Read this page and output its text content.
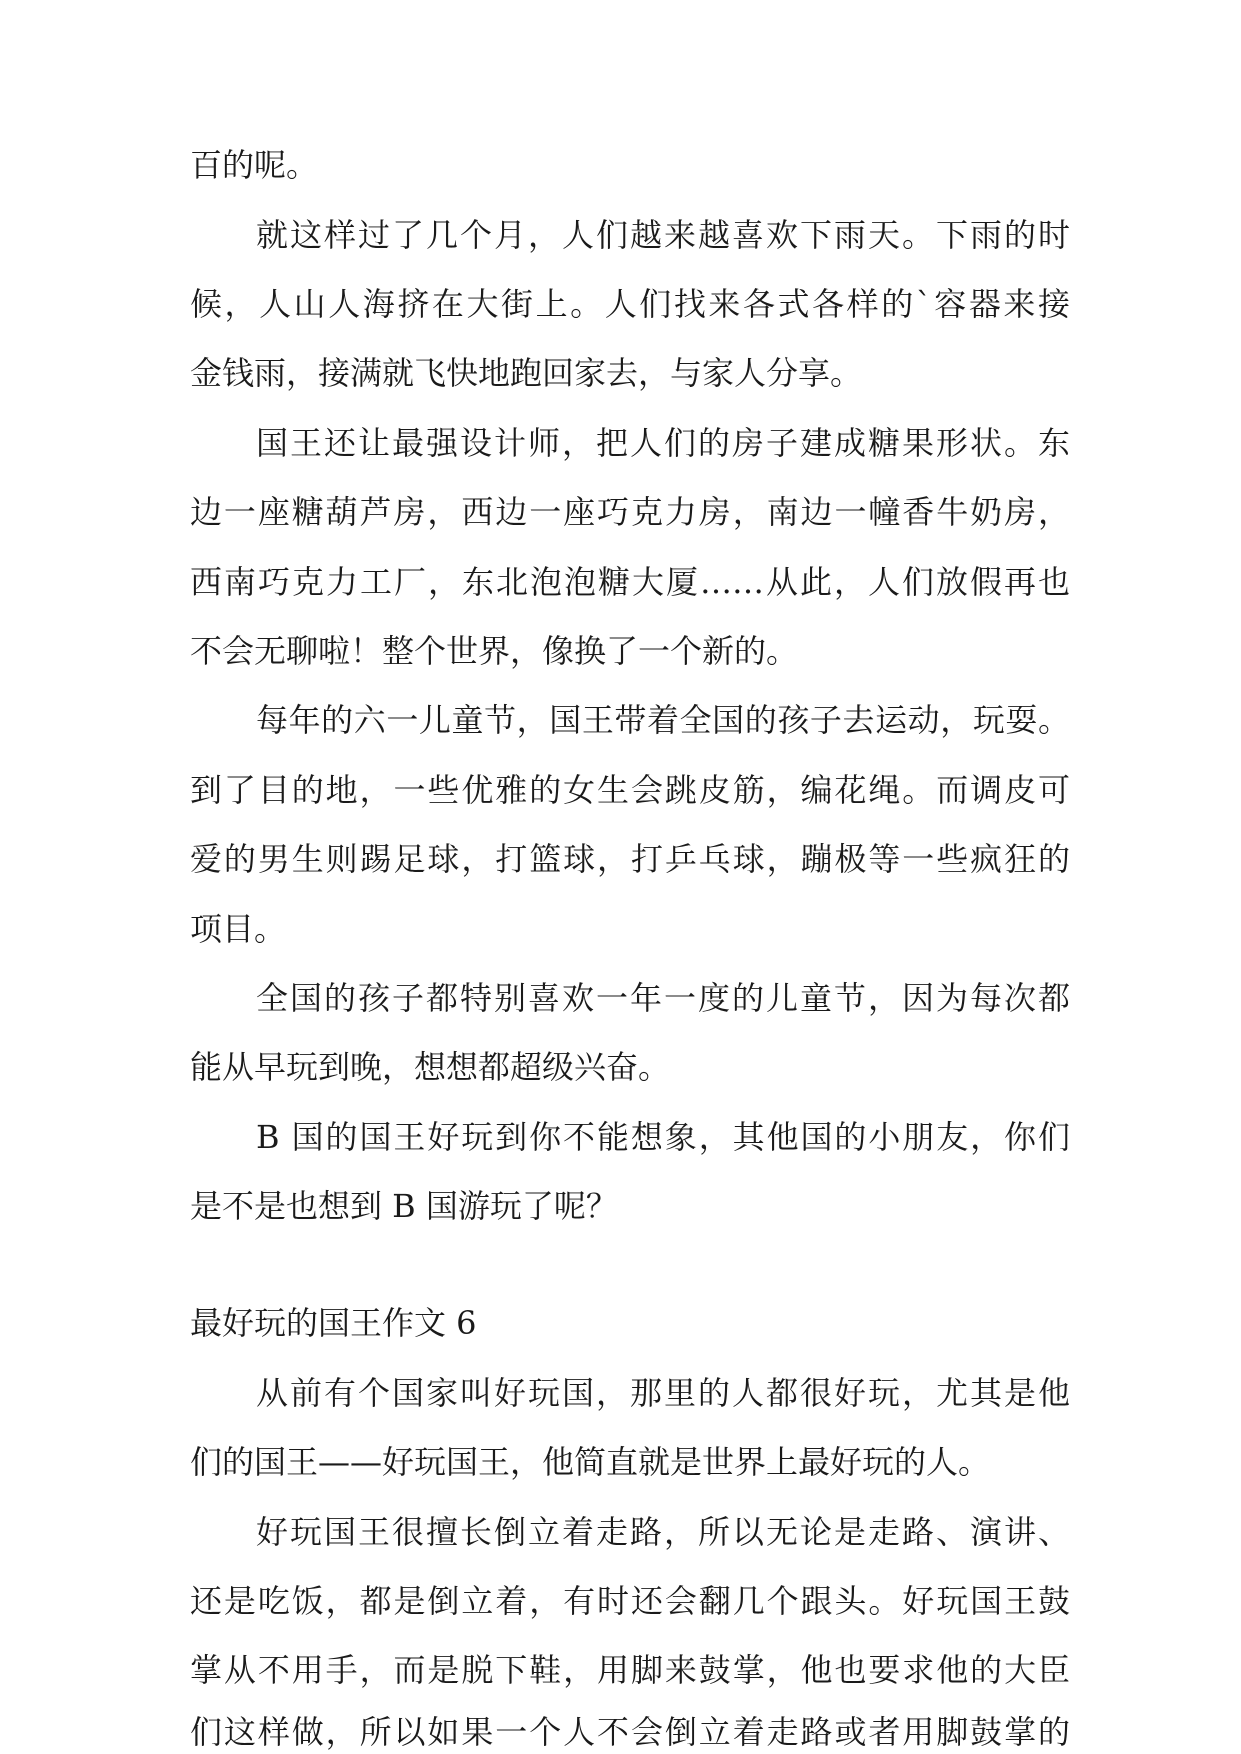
百的呢。
就这样过了几个月，人们越来越喜欢下雨天。下雨的时
候，人山人海挤在大街上。人们找来各式各样的`容器来接
金钱雨，接满就飞快地跑回家去，与家人分享。
国王还让最强设计师，把人们的房子建成糖果形状。东
边一座糖葫芦房，西边一座巧克力房，南边一幢香牛奶房，
西南巧克力工厂，东北泡泡糖大厦……从此，人们放假再也
不会无聊啦！整个世界，像换了一个新的。
每年的六一儿童节，国王带着全国的孩子去运动，玩耍。
到了目的地，一些优雅的女生会跳皮筋，编花绳。而调皮可
爱的男生则踢足球，打篮球，打乒乓球，蹦极等一些疯狂的
项目。
全国的孩子都特别喜欢一年一度的儿童节，因为每次都
能从早玩到晚，想想都超级兴奋。
B 国的国王好玩到你不能想象，其他国的小朋友，你们
是不是也想到 B 国游玩了呢？
最好玩的国王作文 6
从前有个国家叫好玩国，那里的人都很好玩，尤其是他
们的国王——好玩国王，他简直就是世界上最好玩的人。
好玩国王很擅长倒立着走路，所以无论是走路、演讲、
还是吃饭，都是倒立着，有时还会翻几个跟头。好玩国王鼓
掌从不用手，而是脱下鞋，用脚来鼓掌，他也要求他的大臣
们这样做，所以如果一个人不会倒立着走路或者用脚鼓掌的
